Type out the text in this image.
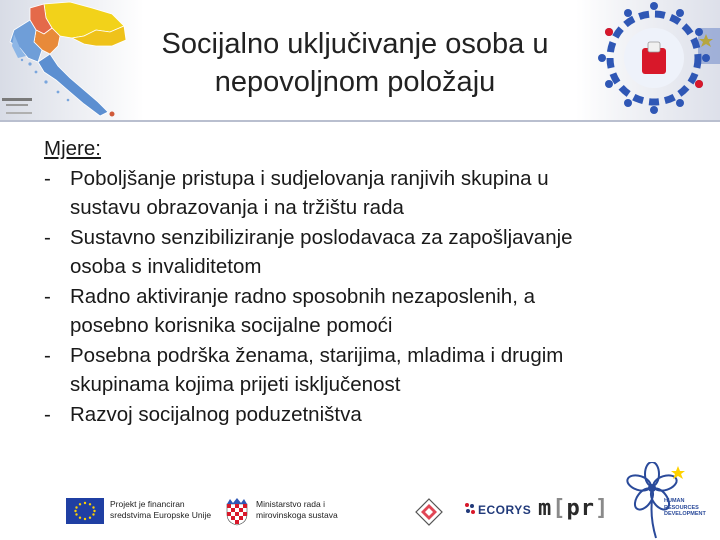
Socijalno uključivanje osoba u
nepovoljnom položaju
Mjere:
- Poboljšanje pristupa i sudjelovanja ranjivih skupina u
sustavu obrazovanja i na tržištu rada
- Sustavno senzibiliziranje poslodavaca za zapošljavanje
osoba s invaliditetom
- Radno aktiviranje radno sposobnih nezaposlenih, a
posebno korisnika socijalne pomoći
- Posebna podrška ženama, starijima, mladima i drugim
skupinama kojima prijeti isključenost
- Razvoj socijalnog poduzetništva
Projekt je financiran
sredstvima Europske Unije
Ministarstvo rada i
mirovinskoga sustava	ECORYS m[pr]	HUMAN
RESOURCES
DEVELOPMENT
